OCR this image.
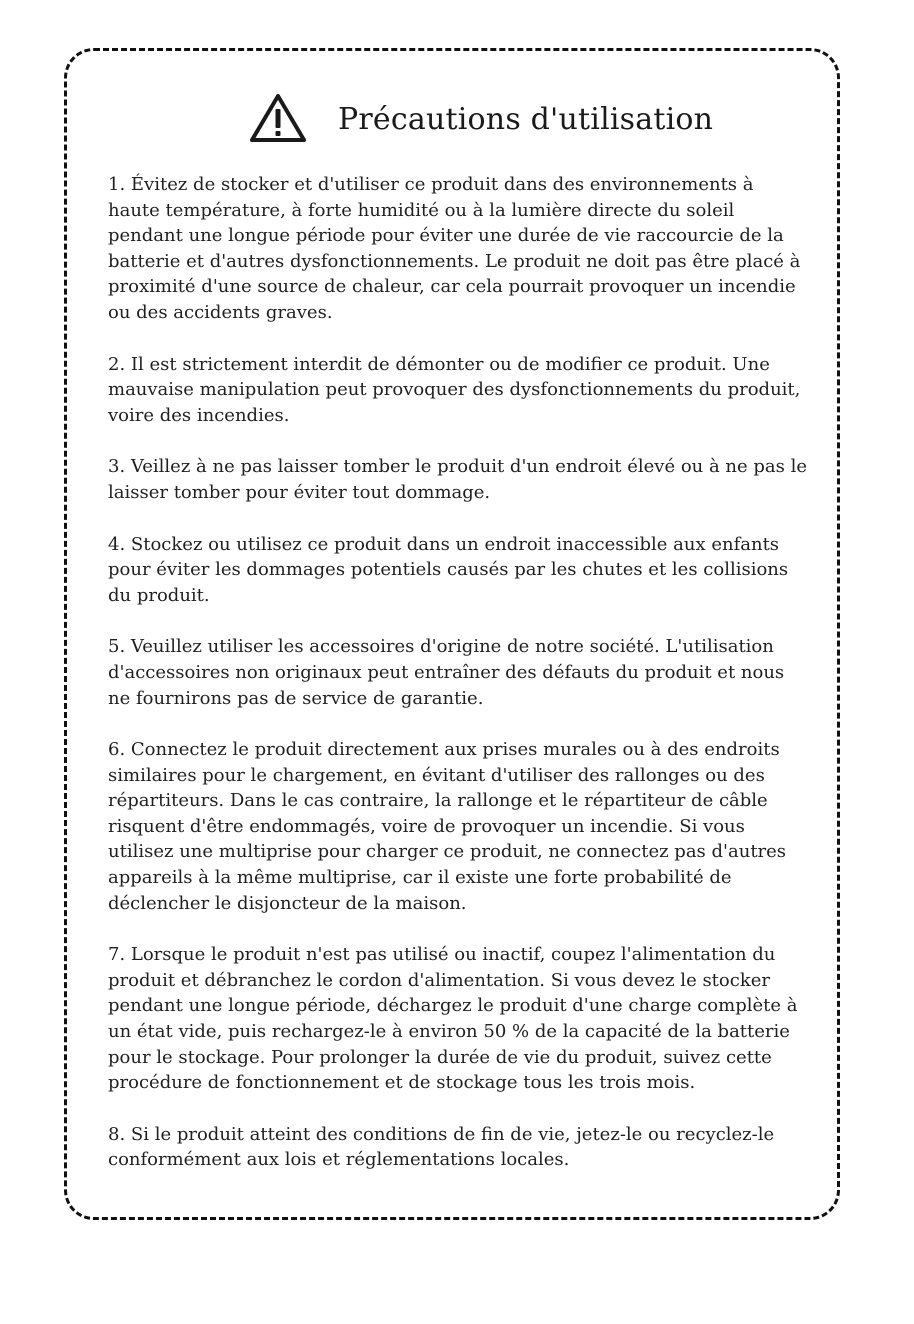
Précautions d'utilisation

1. Évitez de stocker et d'utiliser ce produit dans des environnements à haute température, à forte humidité ou à la lumière directe du soleil pendant une longue période pour éviter une durée de vie raccourcie de la batterie et d'autres dysfonctionnements. Le produit ne doit pas être placé à proximité d'une source de chaleur, car cela pourrait provoquer un incendie ou des accidents graves.

2. Il est strictement interdit de démonter ou de modifier ce produit. Une mauvaise manipulation peut provoquer des dysfonctionnements du produit, voire des incendies.

3. Veillez à ne pas laisser tomber le produit d'un endroit élevé ou à ne pas le laisser tomber pour éviter tout dommage.

4. Stockez ou utilisez ce produit dans un endroit inaccessible aux enfants pour éviter les dommages potentiels causés par les chutes et les collisions du produit.

5. Veuillez utiliser les accessoires d'origine de notre société. L'utilisation d'accessoires non originaux peut entraîner des défauts du produit et nous ne fournirons pas de service de garantie.

6. Connectez le produit directement aux prises murales ou à des endroits similaires pour le chargement, en évitant d'utiliser des rallonges ou des répartiteurs. Dans le cas contraire, la rallonge et le répartiteur de câble risquent d'être endommagés, voire de provoquer un incendie. Si vous utilisez une multiprise pour charger ce produit, ne connectez pas d'autres appareils à la même multiprise, car il existe une forte probabilité de déclencher le disjoncteur de la maison.

7. Lorsque le produit n'est pas utilisé ou inactif, coupez l'alimentation du produit et débranchez le cordon d'alimentation. Si vous devez le stocker pendant une longue période, déchargez le produit d'une charge complète à un état vide, puis rechargez-le à environ 50 % de la capacité de la batterie pour le stockage. Pour prolonger la durée de vie du produit, suivez cette procédure de fonctionnement et de stockage tous les trois mois.

8. Si le produit atteint des conditions de fin de vie, jetez-le ou recyclez-le conformément aux lois et réglementations locales.
